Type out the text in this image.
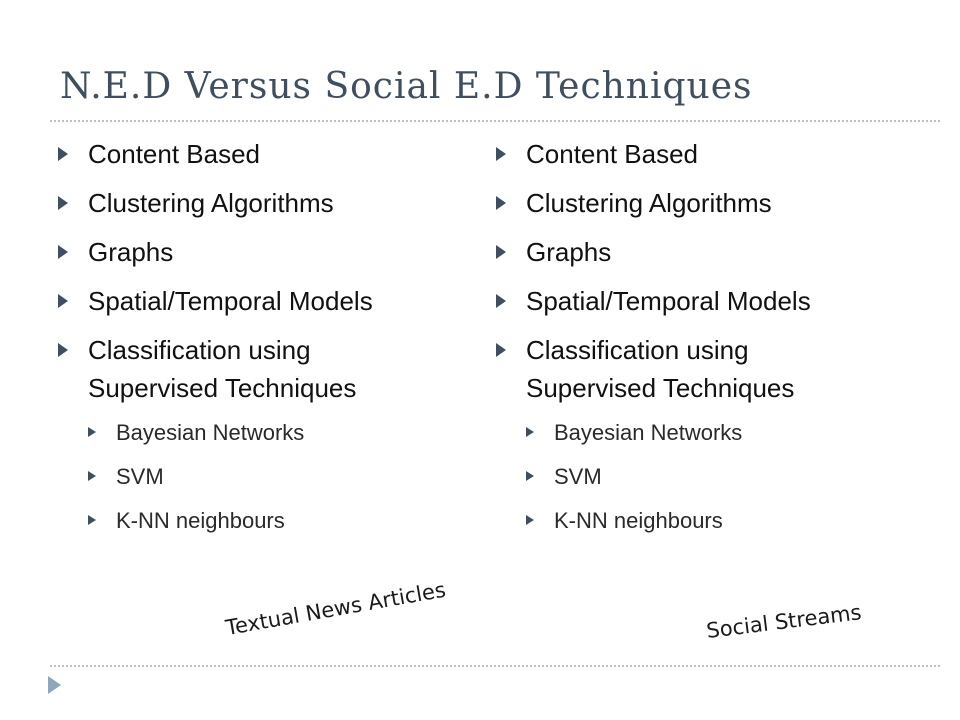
N.E.D Versus Social E.D Techniques
Content Based
Clustering Algorithms
Graphs
Spatial/Temporal Models
Classification using
Supervised Techniques
Bayesian Networks
SVM
K-NN neighbours
Content Based
Clustering Algorithms
Graphs
Spatial/Temporal Models
Classification using
Supervised Techniques
Bayesian Networks
SVM
K-NN neighbours
Textual News Articles	Social Streams
